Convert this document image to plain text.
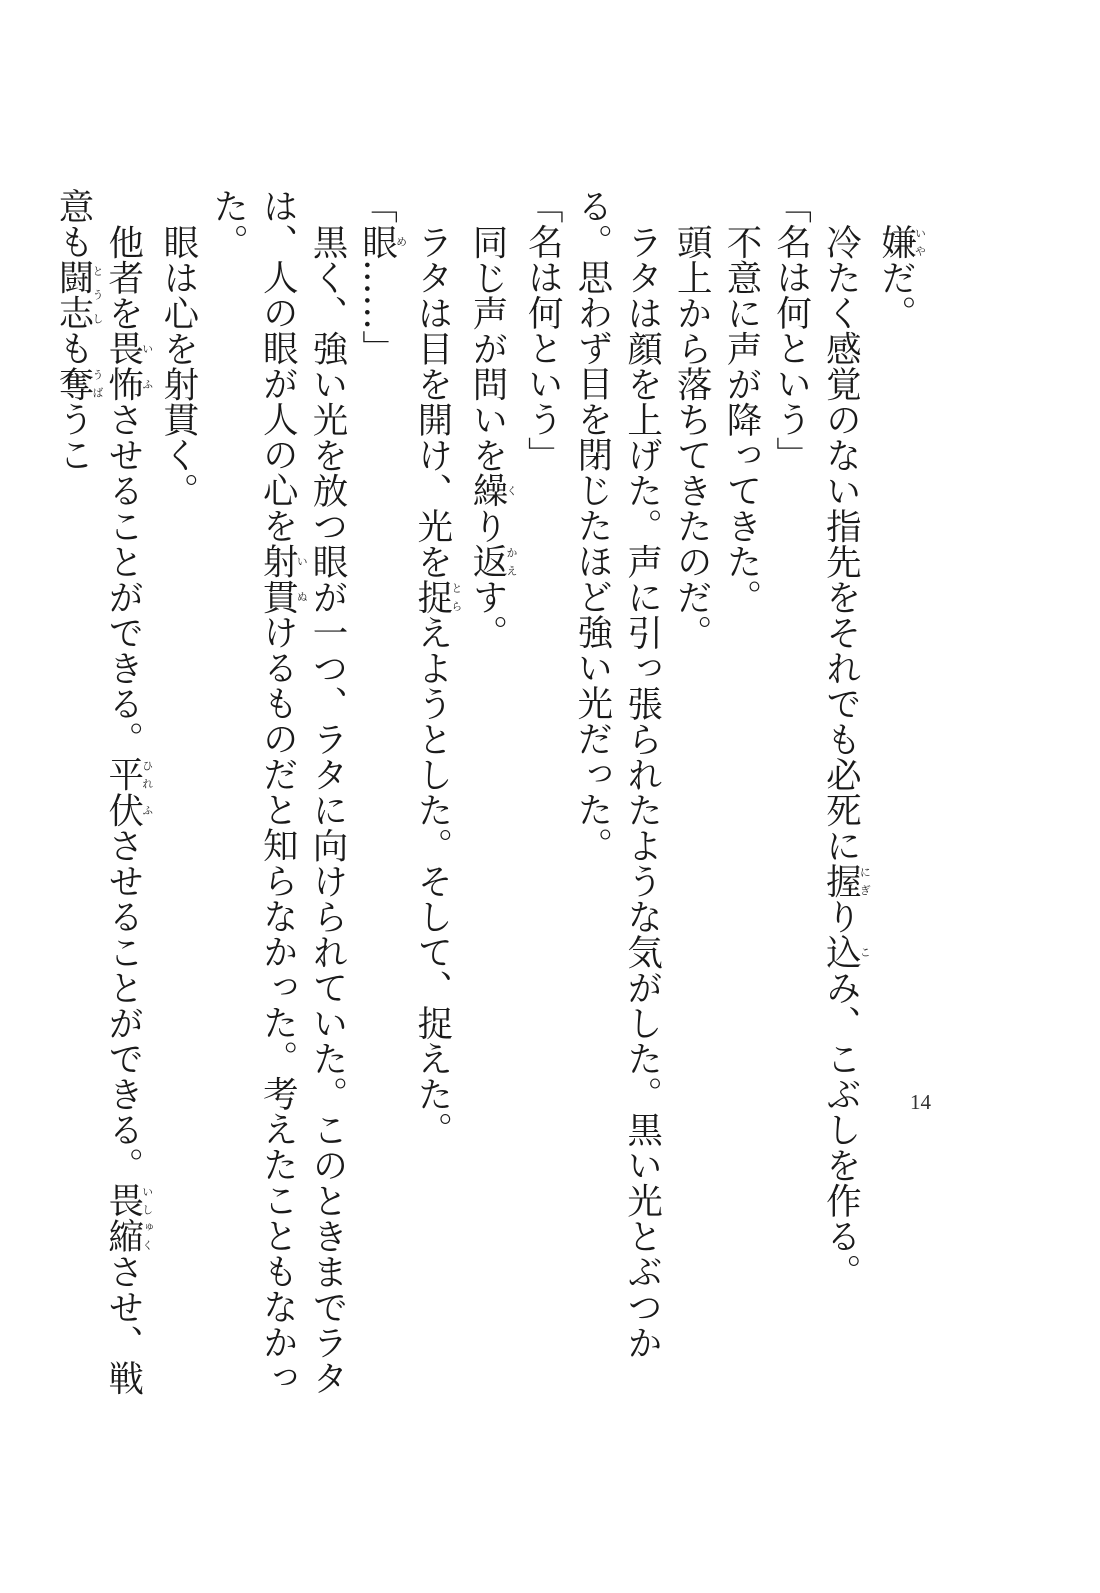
嫌いやだ。

冷たく感覚のない指先をそれでも必死に握にぎり込こみ、こぶしを作る。

「名は何という」

不意に声が降ってきた。

頭上から落ちてきたのだ。

ラタは顔を上げた。声に引っ張られたような気がした。黒い光とぶつかる。思わず目を閉じたほど強い光だった。

「名は何という」

同じ声が問いを繰くり返かえす。

ラタは目を開け、光を捉とらえようとした。そして、捉えた。

「眼め……」

黒く、強い光を放つ眼が一つ、ラタに向けられていた。このときまでラタは、人の眼が人の心を射い貫ぬけるものだと知らなかった。考えたこともなかった。

眼は心を射貫く。

他者を畏い怖ふさせることができる。平ひれ伏ふさせることができる。畏縮いしゅくさせ、戦意も闘志とうしも奪うばうこ

14
